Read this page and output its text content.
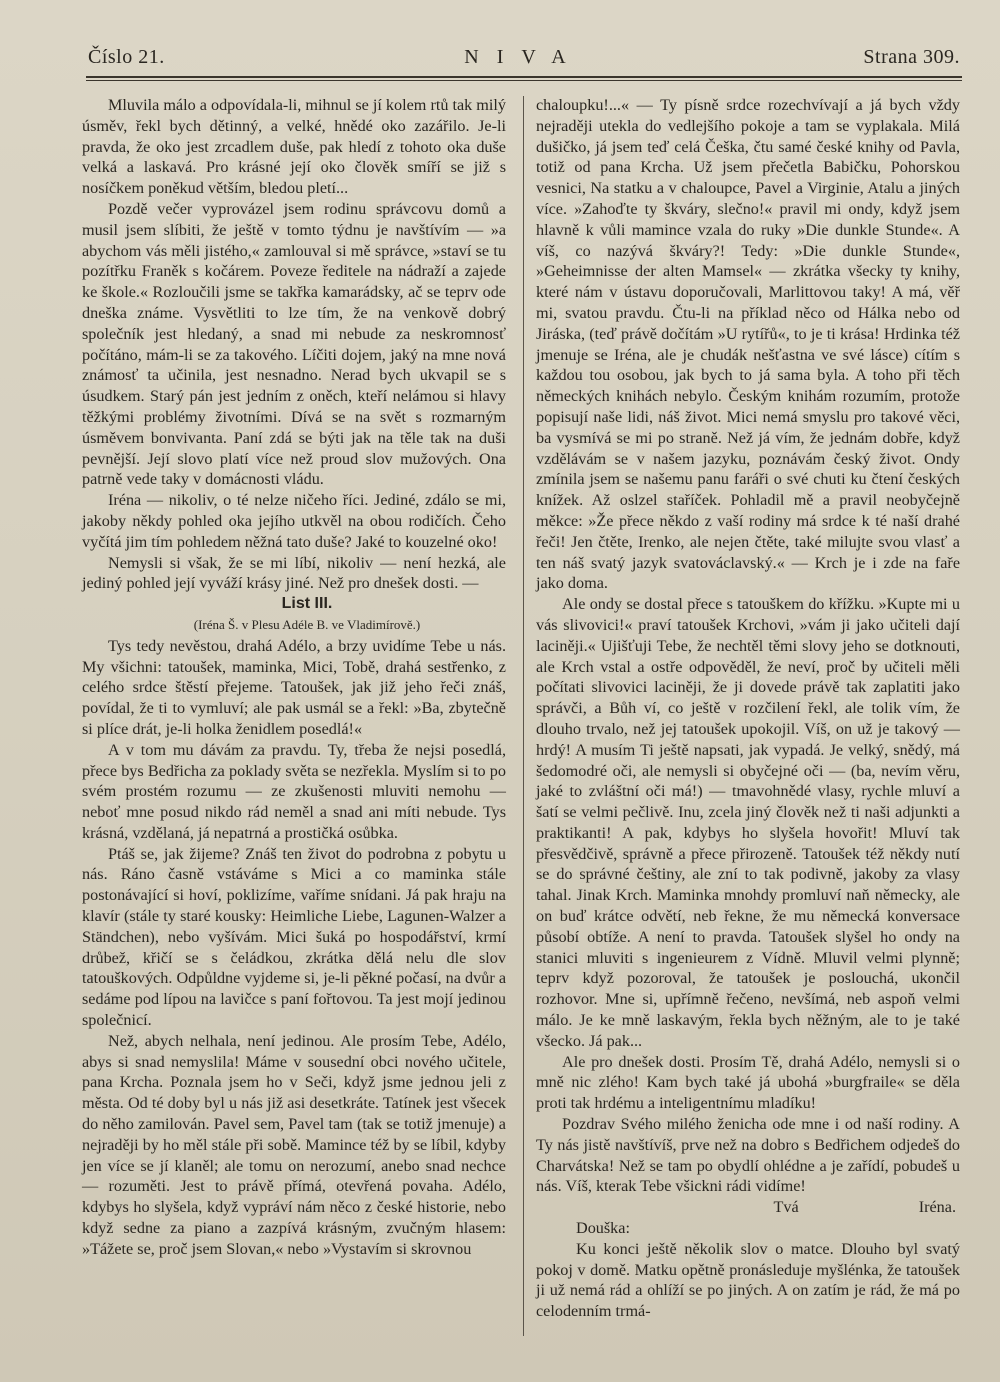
Číslo 21.	NIVA	Strana 309.

Mluvila málo a odpovídala-li, mihnul se jí kolem rtů tak milý úsměv, řekl bych dětinný, a velké, hnědé oko zazářilo. Je-li pravda, že oko jest zrcadlem duše, pak hledí z tohoto oka duše velká a laskavá. Pro krásné její oko člověk smíří se již s nosíčkem poněkud větším, bledou pletí...

Pozdě večer vyprovázel jsem rodinu správcovu domů a musil jsem slíbiti, že ještě v tomto týdnu je navštívím — »a abychom vás měli jistého,« zamlouval si mě správce, »staví se tu pozítřku Franěk s kočárem. Poveze ředitele na nádraží a zajede ke škole.« Rozloučili jsme se takřka kamarádsky, ač se teprv ode dneška známe. Vysvětliti to lze tím, že na venkově dobrý společník jest hledaný, a snad mi nebude za neskromnosť počítáno, mám-li se za takového. Líčiti dojem, jaký na mne nová známosť ta učinila, jest nesnadno. Nerad bych ukvapil se s úsudkem. Starý pán jest jedním z oněch, kteří nelámou si hlavy těžkými problémy životními. Dívá se na svět s rozmarným úsměvem bonvivanta. Paní zdá se býti jak na těle tak na duši pevnější. Její slovo platí více než proud slov mužových. Ona patrně vede taky v domácnosti vládu.

Iréna — nikoliv, o té nelze ničeho říci. Jediné, zdálo se mi, jakoby někdy pohled oka jejího utkvěl na obou rodičích. Čeho vyčítá jim tím pohledem něžná tato duše? Jaké to kouzelné oko!

Nemysli si však, že se mi líbí, nikoliv — není hezká, ale jediný pohled její vyváží krásy jiné. Než pro dnešek dosti. —

List III.

(Iréna Š. v Plesu Adéle B. ve Vladimírově.)

Tys tedy nevěstou, drahá Adélo, a brzy uvidíme Tebe u nás. My všichni: tatoušek, maminka, Mici, Tobě, drahá sestřenko, z celého srdce štěstí přejeme. Tatoušek, jak již jeho řeči znáš, povídal, že ti to vymluví; ale pak usmál se a řekl: »Ba, zbytečně si plíce drát, je-li holka ženidlem posedlá!«

A v tom mu dávám za pravdu. Ty, třeba že nejsi posedlá, přece bys Bedřicha za poklady světa se nezřekla. Myslím si to po svém prostém rozumu — ze zkušenosti mluviti nemohu — neboť mne posud nikdo rád neměl a snad ani míti nebude. Tys krásná, vzdělaná, já nepatrná a prostičká osůbka.

Ptáš se, jak žijeme? Znáš ten život do podrobna z pobytu u nás. Ráno časně vstáváme s Mici a co maminka stále postonávající si hoví, poklizíme, vaříme snídani. Já pak hraju na klavír (stále ty staré kousky: Heimliche Liebe, Lagunen-Walzer a Ständchen), nebo vyšívám. Mici šuká po hospodářství, krmí drůbež, křičí se s čeládkou, zkrátka dělá nelu dle slov tatouškových. Odpůldne vyjdeme si, je-li pěkné počasí, na dvůr a sedáme pod lípou na lavičce s paní fořtovou. Ta jest mojí jedinou společnicí.

Než, abych nelhala, není jedinou. Ale prosím Tebe, Adélo, abys si snad nemyslila! Máme v sousední obci nového učitele, pana Krcha. Poznala jsem ho v Seči, když jsme jednou jeli z města. Od té doby byl u nás již asi desetkráte. Tatínek jest všecek do něho zamilován. Pavel sem, Pavel tam (tak se totiž jmenuje) a nejraději by ho měl stále při sobě. Mamince též by se líbil, kdyby jen více se jí klaněl; ale tomu on nerozumí, anebo snad nechce — rozuměti. Jest to právě přímá, otevřená povaha. Adélo, kdybys ho slyšela, když vypráví nám něco z české historie, nebo když sedne za piano a zazpívá krásným, zvučným hlasem: »Tážete se, proč jsem Slovan,« nebo »Vystavím si skrovnou

chaloupku!...« — Ty písně srdce rozechvívají a já bych vždy nejraději utekla do vedlejšího pokoje a tam se vyplakala. Milá dušičko, já jsem teď celá Češka, čtu samé české knihy od Pavla, totiž od pana Krcha. Už jsem přečetla Babičku, Pohorskou vesnici, Na statku a v chaloupce, Pavel a Virginie, Atalu a jiných více. »Zahoďte ty škváry, slečno!« pravil mi ondy, když jsem hlavně k vůli mamince vzala do ruky »Die dunkle Stunde«. A víš, co nazývá škváry?! Tedy: »Die dunkle Stunde«, »Geheimnisse der alten Mamsel« — zkrátka všecky ty knihy, které nám v ústavu doporučovali, Marlittovou taky! A má, věř mi, svatou pravdu. Čtu-li na příklad něco od Hálka nebo od Jiráska, (teď právě dočítám »U rytířů«, to je ti krása! Hrdinka též jmenuje se Iréna, ale je chudák nešťastna ve své lásce) cítím s každou tou osobou, jak bych to já sama byla. A toho při těch německých knihách nebylo. Českým knihám rozumím, protože popisují naše lidi, náš život. Mici nemá smyslu pro takové věci, ba vysmívá se mi po straně. Než já vím, že jednám dobře, když vzdělávám se v našem jazyku, poznávám český život. Ondy zmínila jsem se našemu panu faráři o své chuti ku čtení českých knížek. Až oslzel staříček. Pohladil mě a pravil neobyčejně měkce: »Že přece někdo z vaší rodiny má srdce k té naší drahé řeči! Jen čtěte, Irenko, ale nejen čtěte, také milujte svou vlasť a ten náš svatý jazyk svatováclavský.« — Krch je i zde na faře jako doma.

Ale ondy se dostal přece s tatouškem do křížku. »Kupte mi u vás slivovici!« praví tatoušek Krchovi, »vám ji jako učiteli dají laciněji.« Ujišťuji Tebe, že nechtěl těmi slovy jeho se dotknouti, ale Krch vstal a ostře odpověděl, že neví, proč by učiteli měli počítati slivovici laciněji, že ji dovede právě tak zaplatiti jako správči, a Bůh ví, co ještě v rozčilení řekl, ale tolik vím, že dlouho trvalo, než jej tatoušek upokojil. Víš, on už je takový — hrdý! A musím Ti ještě napsati, jak vypadá. Je velký, snědý, má šedomodré oči, ale nemysli si obyčejné oči — (ba, nevím věru, jaké to zvláštní oči má!) — tmavohnědé vlasy, rychle mluví a šatí se velmi pečlivě. Inu, zcela jiný člověk než ti naši adjunkti a praktikanti! A pak, kdybys ho slyšela hovořit! Mluví tak přesvědčivě, správně a přece přirozeně. Tatoušek též někdy nutí se do správné češtiny, ale zní to tak podivně, jakoby za vlasy tahal. Jinak Krch. Maminka mnohdy promluví naň německy, ale on buď krátce odvětí, neb řekne, že mu německá konversace působí obtíže. A není to pravda. Tatoušek slyšel ho ondy na stanici mluviti s ingenieurem z Vídně. Mluvil velmi plynně; teprv když pozoroval, že tatoušek je poslouchá, ukončil rozhovor. Mne si, upřímně řečeno, nevšímá, neb aspoň velmi málo. Je ke mně laskavým, řekla bych něžným, ale to je také všecko. Já pak...

Ale pro dnešek dosti. Prosím Tě, drahá Adélo, nemysli si o mně nic zlého! Kam bych také já ubohá »burgfraile« se děla proti tak hrdému a inteligentnímu mladíku!

Pozdrav Svého milého ženicha ode mne i od naší rodiny. A Ty nás jistě navštívíš, prve než na dobro s Bedřichem odjedeš do Charvátska! Než se tam po obydlí ohlédne a je zařídí, pobudeš u nás. Víš, kterak Tebe všickni rádi vidíme!

Tvá	Iréna.

Douška:

Ku konci ještě několik slov o matce. Dlouho byl svatý pokoj v domě. Matku opětně pronásleduje myšlénka, že tatoušek ji už nemá rád a ohlíží se po jiných. A on zatím je rád, že má po celodenním trmá-
